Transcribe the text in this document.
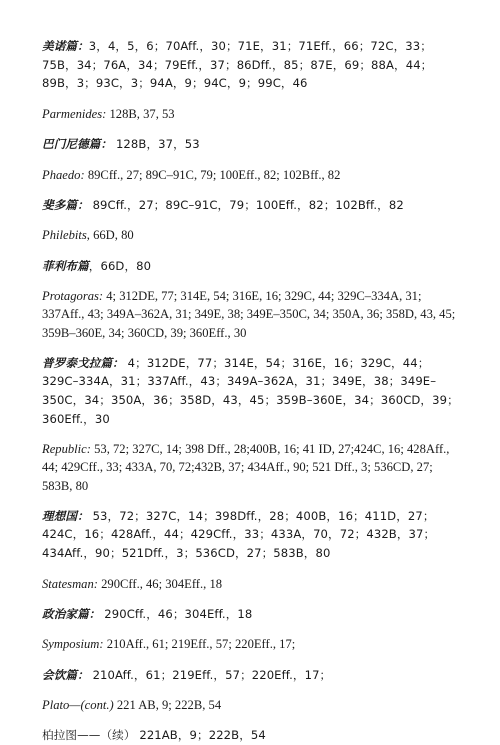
美诺篇：3，4，5，6；70Aff.，30；71E，31；71Eff.，66；72C，33；75B，34；76A，34；79Eff.，37；86Dff.，85；87E，69；88A，44；89B，3；93C，3；94A，9；94C，9；99C，46

Parmenides: 128B, 37, 53

巴门尼德篇： 128B，37，53

Phaedo: 89Cff., 27; 89C–91C, 79; 100Eff., 82; 102Bff., 82

斐多篇： 89Cff.，27；89C–91C，79；100Eff.，82；102Bff.，82

Philebits, 66D, 80

菲利布篇，66D，80

Protagoras: 4; 312DE, 77; 314E, 54; 316E, 16; 329C, 44; 329C–334A, 31; 337Aff., 43; 349A–362A, 31; 349E, 38; 349E–350C, 34; 350A, 36; 358D, 43, 45; 359B–360E, 34; 360CD, 39; 360Eff., 30

普罗泰戈拉篇： 4；312DE，77；314E，54；316E，16；329C，44；329C–334A，31；337Aff.，43；349A–362A，31；349E，38；349E–350C，34；350A，36；358D，43，45；359B–360E，34；360CD，39；360Eff.，30

Republic: 53, 72; 327C, 14; 398 Dff., 28;400B, 16; 41 ID, 27;424C, 16; 428Aff., 44; 429Cff., 33; 433A, 70, 72;432B, 37; 434Aff., 90; 521 Dff., 3; 536CD, 27; 583B, 80

理想国： 53，72；327C，14；398Dff.，28；400B，16；411D，27；424C，16；428Aff.，44；429Cff.，33；433A，70，72；432B，37；434Aff.，90；521Dff.，3；536CD，27；583B，80

Statesman: 290Cff., 46; 304Eff., 18

政治家篇： 290Cff.，46；304Eff.，18

Symposium: 210Aff., 61; 219Eff., 57; 220Eff., 17;

会饮篇： 210Aff.，61；219Eff.，57；220Eff.，17；

Plato—(cont.) 221 AB, 9; 222B, 54

柏拉图——（续） 221AB，9；222B，54
